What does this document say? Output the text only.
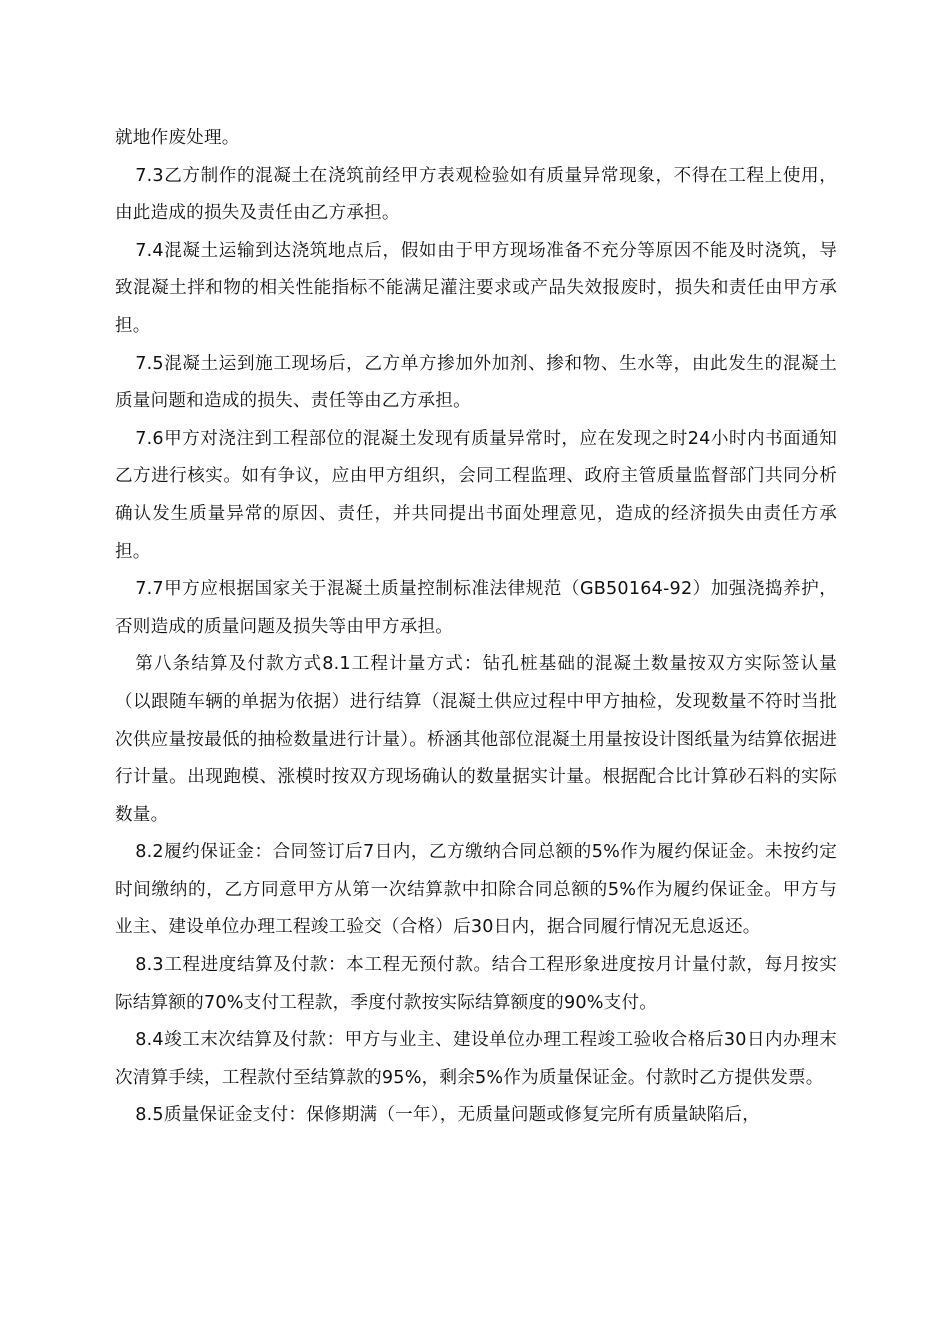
就地作废处理。

7.3乙方制作的混凝土在浇筑前经甲方表观检验如有质量异常现象，不得在工程上使用，由此造成的损失及责任由乙方承担。

7.4混凝土运输到达浇筑地点后，假如由于甲方现场准备不充分等原因不能及时浇筑，导致混凝土拌和物的相关性能指标不能满足灌注要求或产品失效报废时，损失和责任由甲方承担。

7.5混凝土运到施工现场后，乙方单方掺加外加剂、掺和物、生水等，由此发生的混凝土质量问题和造成的损失、责任等由乙方承担。

7.6甲方对浇注到工程部位的混凝土发现有质量异常时，应在发现之时24小时内书面通知乙方进行核实。如有争议，应由甲方组织，会同工程监理、政府主管质量监督部门共同分析确认发生质量异常的原因、责任，并共同提出书面处理意见，造成的经济损失由责任方承担。

7.7甲方应根据国家关于混凝土质量控制标准法律规范（GB50164-92）加强浇捣养护，否则造成的质量问题及损失等由甲方承担。

第八条结算及付款方式8.1工程计量方式：钻孔桩基础的混凝土数量按双方实际签认量（以跟随车辆的单据为依据）进行结算（混凝土供应过程中甲方抽检，发现数量不符时当批次供应量按最低的抽检数量进行计量）。桥涵其他部位混凝土用量按设计图纸量为结算依据进行计量。出现跑模、涨模时按双方现场确认的数量据实计量。根据配合比计算砂石料的实际数量。

8.2履约保证金：合同签订后7日内，乙方缴纳合同总额的5%作为履约保证金。未按约定时间缴纳的，乙方同意甲方从第一次结算款中扣除合同总额的5%作为履约保证金。甲方与业主、建设单位办理工程竣工验交（合格）后30日内，据合同履行情况无息返还。

8.3工程进度结算及付款：本工程无预付款。结合工程形象进度按月计量付款，每月按实际结算额的70%支付工程款，季度付款按实际结算额度的90%支付。

8.4竣工末次结算及付款：甲方与业主、建设单位办理工程竣工验收合格后30日内办理末次清算手续，工程款付至结算款的95%，剩余5%作为质量保证金。付款时乙方提供发票。

8.5质量保证金支付：保修期满（一年），无质量问题或修复完所有质量缺陷后，
